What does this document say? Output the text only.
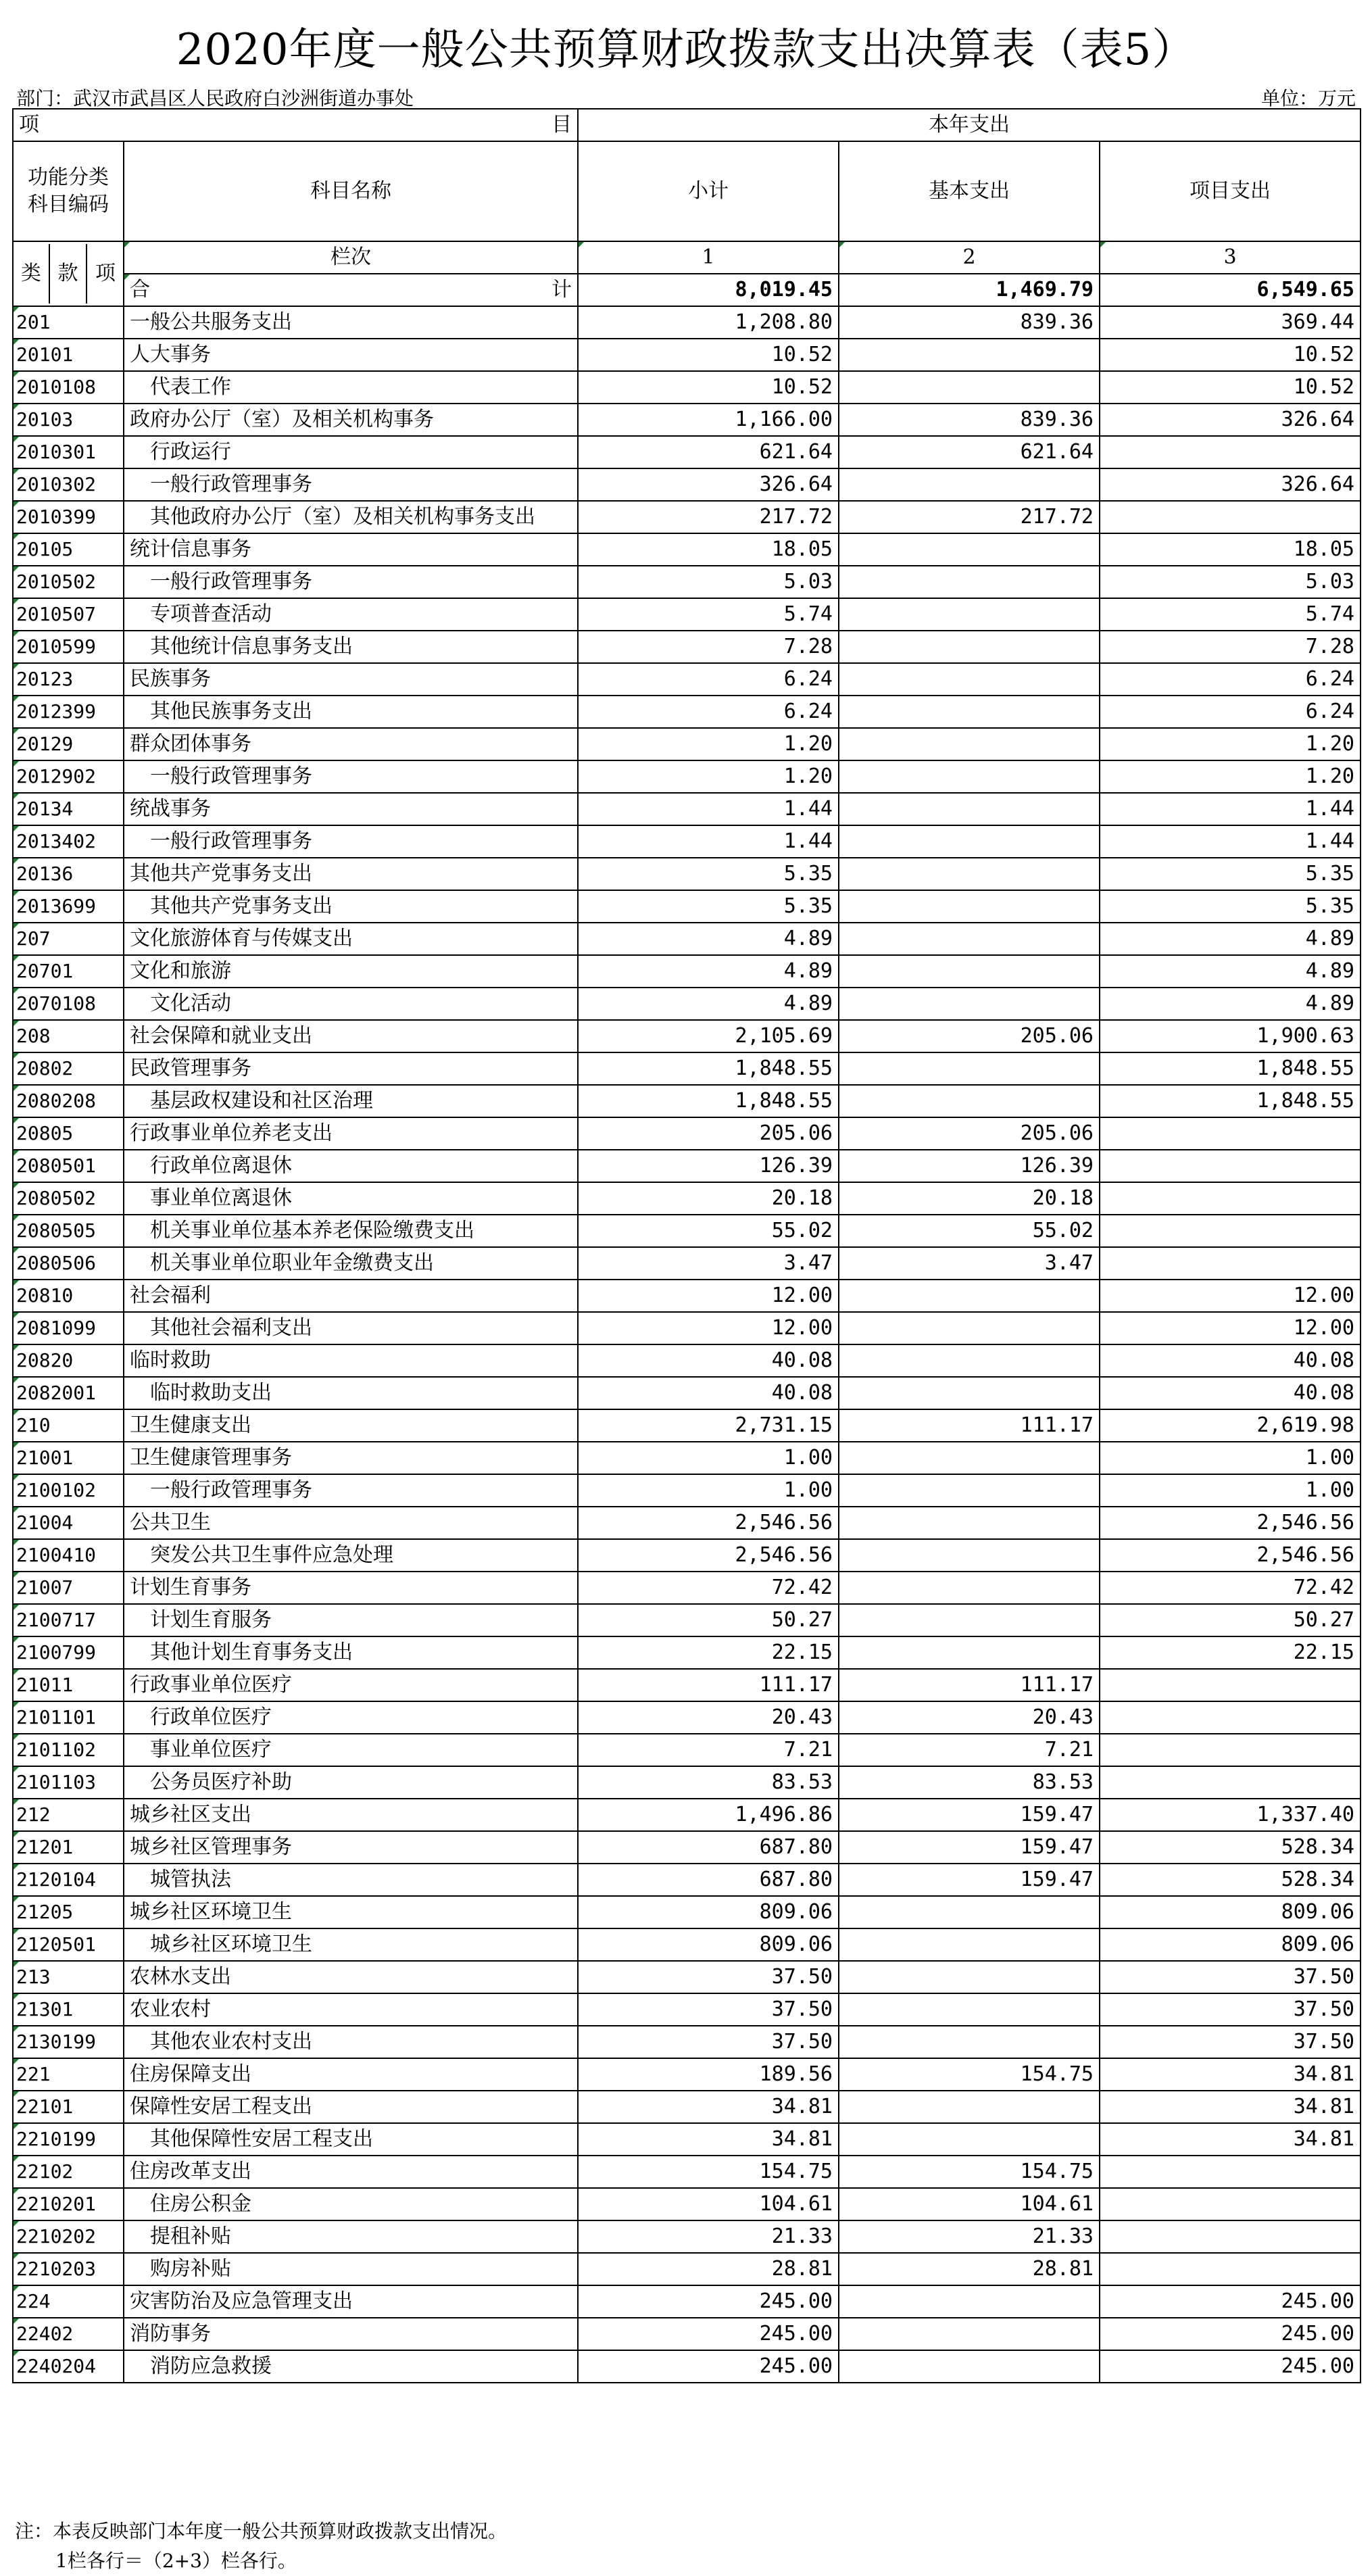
2020年度一般公共预算财政拨款支出决算表（表5）
部门：武汉市武昌区人民政府白沙洲街道办事处	单位：万元
项 目		本年支出		

功能分类
科目编码	科目名称	小计	基本支出	项目支出
类 款 项	栏次	1	2	3
	合 计	8,019.45	1,469.79	6,549.65
201	一般公共服务支出	1,208.80	839.36	369.44
20101	人大事务	10.52		10.52
2010108	代表工作	10.52		10.52
20103	政府办公厅（室）及相关机构事务	1,166.00	839.36	326.64
2010301	行政运行	621.64	621.64	
2010302	一般行政管理事务	326.64		326.64
2010399	其他政府办公厅（室）及相关机构事务支出	217.72	217.72	
20105	统计信息事务	18.05		18.05
2010502	一般行政管理事务	5.03		5.03
2010507	专项普查活动	5.74		5.74
2010599	其他统计信息事务支出	7.28		7.28
20123	民族事务	6.24		6.24
2012399	其他民族事务支出	6.24		6.24
20129	群众团体事务	1.20		1.20
2012902	一般行政管理事务	1.20		1.20
20134	统战事务	1.44		1.44
2013402	一般行政管理事务	1.44		1.44
20136	其他共产党事务支出	5.35		5.35
2013699	其他共产党事务支出	5.35		5.35
207	文化旅游体育与传媒支出	4.89		4.89
20701	文化和旅游	4.89		4.89
2070108	文化活动	4.89		4.89
208	社会保障和就业支出	2,105.69	205.06	1,900.63
20802	民政管理事务	1,848.55		1,848.55
2080208	基层政权建设和社区治理	1,848.55		1,848.55
20805	行政事业单位养老支出	205.06	205.06	
2080501	行政单位离退休	126.39	126.39	
2080502	事业单位离退休	20.18	20.18	
2080505	机关事业单位基本养老保险缴费支出	55.02	55.02	
2080506	机关事业单位职业年金缴费支出	3.47	3.47	
20810	社会福利	12.00		12.00
2081099	其他社会福利支出	12.00		12.00
20820	临时救助	40.08		40.08
2082001	临时救助支出	40.08		40.08
210	卫生健康支出	2,731.15	111.17	2,619.98
21001	卫生健康管理事务	1.00		1.00
2100102	一般行政管理事务	1.00		1.00
21004	公共卫生	2,546.56		2,546.56
2100410	突发公共卫生事件应急处理	2,546.56		2,546.56
21007	计划生育事务	72.42		72.42
2100717	计划生育服务	50.27		50.27
2100799	其他计划生育事务支出	22.15		22.15
21011	行政事业单位医疗	111.17	111.17	
2101101	行政单位医疗	20.43	20.43	
2101102	事业单位医疗	7.21	7.21	
2101103	公务员医疗补助	83.53	83.53	
212	城乡社区支出	1,496.86	159.47	1,337.40
21201	城乡社区管理事务	687.80	159.47	528.34
2120104	城管执法	687.80	159.47	528.34
21205	城乡社区环境卫生	809.06		809.06
2120501	城乡社区环境卫生	809.06		809.06
213	农林水支出	37.50		37.50
21301	农业农村	37.50		37.50
2130199	其他农业农村支出	37.50		37.50
221	住房保障支出	189.56	154.75	34.81
22101	保障性安居工程支出	34.81		34.81
2210199	其他保障性安居工程支出	34.81		34.81
22102	住房改革支出	154.75	154.75	
2210201	住房公积金	104.61	104.61	
2210202	提租补贴	21.33	21.33	
2210203	购房补贴	28.81	28.81	
224	灾害防治及应急管理支出	245.00		245.00
22402	消防事务	245.00		245.00
2240204	消防应急救援	245.00		245.00
注：本表反映部门本年度一般公共预算财政拨款支出情况。
1栏各行＝（2+3）栏各行。
